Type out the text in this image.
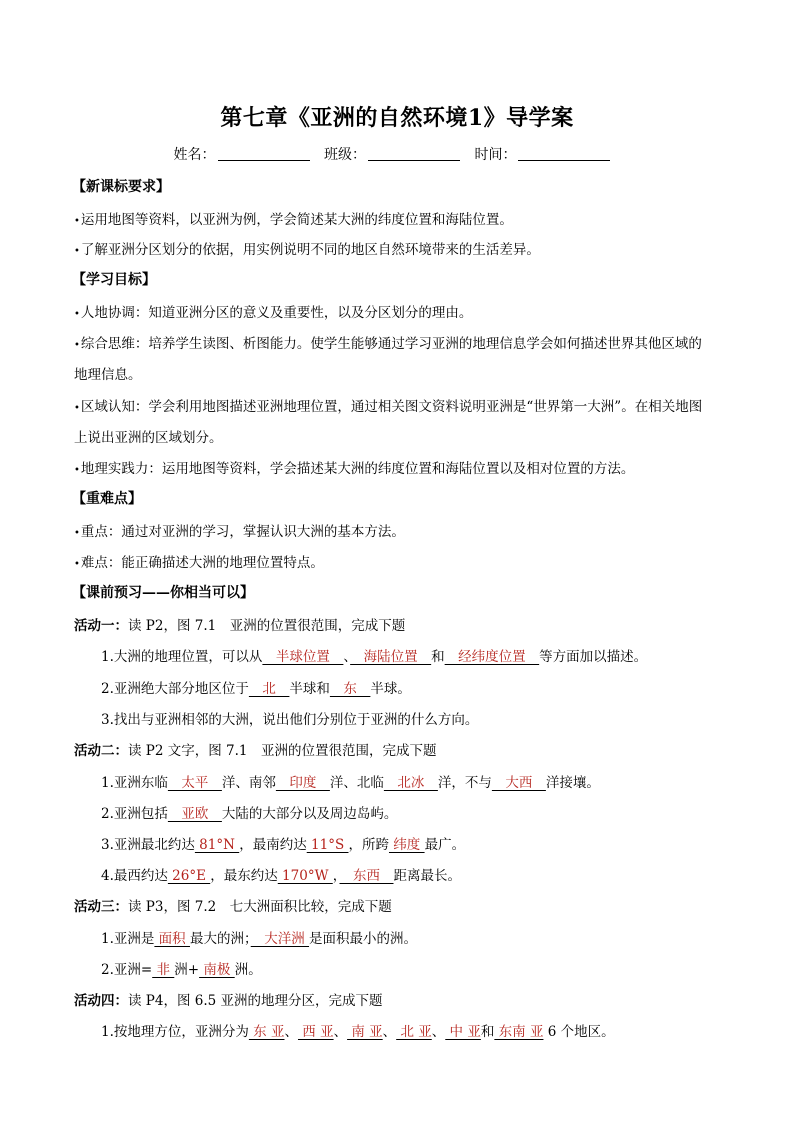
第七章《亚洲的自然环境1》导学案
姓名：	班级：	时间：
【新课标要求】
• 运用地图等资料，以亚洲为例，学会简述某大洲的纬度位置和海陆位置。
• 了解亚洲分区划分的依据，用实例说明不同的地区自然环境带来的生活差异。
【学习目标】
• 人地协调：知道亚洲分区的意义及重要性，以及分区划分的理由。
• 综合思维：培养学生读图、析图能力。使学生能够通过学习亚洲的地理信息学会如何描述世界其他区域的
地理信息。
• 区域认知：学会利用地图描述亚洲地理位置，通过相关图文资料说明亚洲是“世界第一大洲”。在相关地图
上说出亚洲的区域划分。
• 地理实践力：运用地图等资料，学会描述某大洲的纬度位置和海陆位置以及相对位置的方法。
【重难点】
• 重点：通过对亚洲的学习，掌握认识大洲的基本方法。
• 难点：能正确描述大洲的地理位置特点。
【课前预习——你相当可以】
活动一：读 P2，图 7.1　亚洲的位置很范围，完成下题
1.大洲的地理位置，可以从　半球位置　、　海陆位置　和　经纬度位置　等方面加以描述。
2.亚洲绝大部分地区位于　北　半球和　东　半球。
3.找出与亚洲相邻的大洲，说出他们分别位于亚洲的什么方向。
活动二：读 P2 文字，图 7.1　亚洲的位置很范围，完成下题
1.亚洲东临　太平　洋、南邻　印度　洋、北临　北冰　洋，不与　大西　洋接壤。
2.亚洲包括　亚欧　大陆的大部分以及周边岛屿。
3.亚洲最北约达 81°N ，最南约达 11°S ，所跨 纬度 最广。
4.最西约达 26°E ，最东约达 170°W ，　东西　距离最长。
活动三：读 P3，图 7.2　七大洲面积比较，完成下题
1.亚洲是 面积 最大的洲；　大洋洲 是面积最小的洲。
2.亚洲= 非 洲+ 南极 洲。
活动四：读 P4，图 6.5 亚洲的地理分区，完成下题
1.按地理方位，亚洲分为 东 亚、 西 亚、 南 亚、 北 亚、 中 亚和 东南 亚 6 个地区。
